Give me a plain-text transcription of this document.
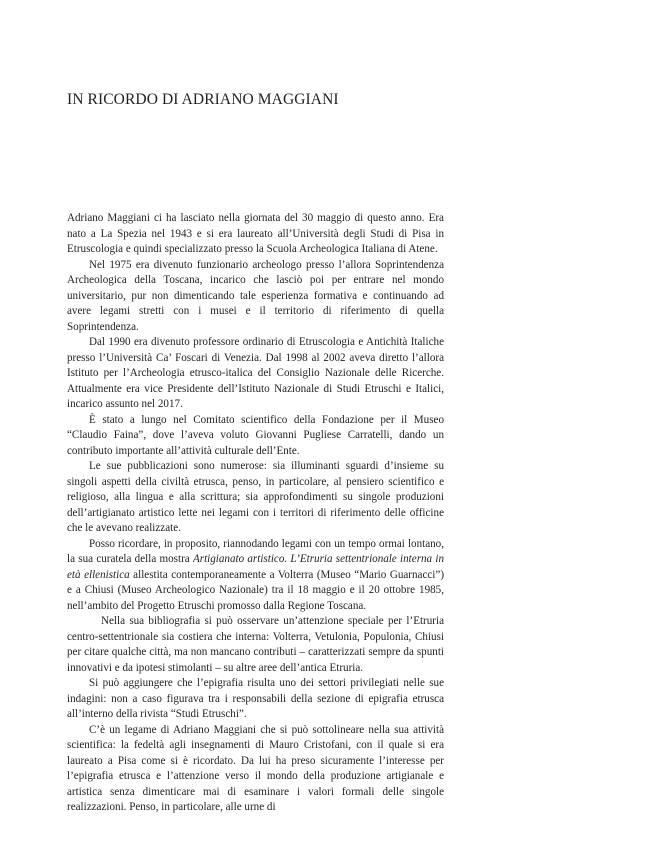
IN RICORDO DI ADRIANO MAGGIANI

Adriano Maggiani ci ha lasciato nella giornata del 30 maggio di questo anno. Era nato a La Spezia nel 1943 e si era laureato all’Università degli Studi di Pisa in Etruscologia e quindi specializzato presso la Scuola Archeologica Italiana di Atene.

Nel 1975 era divenuto funzionario archeologo presso l’allora Soprintendenza Archeologica della Toscana, incarico che lasciò poi per entrare nel mondo universitario, pur non dimenticando tale esperienza formativa e continuando ad avere legami stretti con i musei e il territorio di riferimento di quella Soprintendenza.

Dal 1990 era divenuto professore ordinario di Etruscologia e Antichità Italiche presso l’Università Ca’ Foscari di Venezia. Dal 1998 al 2002 aveva diretto l’allora Istituto per l’Archeologia etrusco-italica del Consiglio Nazionale delle Ricerche. Attualmente era vice Presidente dell’Istituto Nazionale di Studi Etruschi e Italici, incarico assunto nel 2017.

È stato a lungo nel Comitato scientifico della Fondazione per il Museo “Claudio Faina”, dove l’aveva voluto Giovanni Pugliese Carratelli, dando un contributo importante all’attività culturale dell’Ente.

Le sue pubblicazioni sono numerose: sia illuminanti sguardi d’insieme su singoli aspetti della civiltà etrusca, penso, in particolare, al pensiero scientifico e religioso, alla lingua e alla scrittura; sia approfondimenti su singole produzioni dell’artigianato artistico lette nei legami con i territori di riferimento delle officine che le avevano realizzate.

Posso ricordare, in proposito, riannodando legami con un tempo ormai lontano, la sua curatela della mostra Artigianato artistico. L’Etruria settentrionale interna in età ellenistica allestita contemporaneamente a Volterra (Museo “Mario Guarnacci”) e a Chiusi (Museo Archeologico Nazionale) tra il 18 maggio e il 20 ottobre 1985, nell’ambito del Progetto Etruschi promosso dalla Regione Toscana.

Nella sua bibliografia si può osservare un’attenzione speciale per l’Etruria centro-settentrionale sia costiera che interna: Volterra, Vetulonia, Populonia, Chiusi per citare qualche città, ma non mancano contributi – caratterizzati sempre da spunti innovativi e da ipotesi stimolanti – su altre aree dell’antica Etruria.

Si può aggiungere che l’epigrafia risulta uno dei settori privilegiati nelle sue indagini: non a caso figurava tra i responsabili della sezione di epigrafia etrusca all’interno della rivista “Studi Etruschi”.

C’è un legame di Adriano Maggiani che si può sottolineare nella sua attività scientifica: la fedeltà agli insegnamenti di Mauro Cristofani, con il quale si era laureato a Pisa come si è ricordato. Da lui ha preso sicuramente l’interesse per l’epigrafia etrusca e l’attenzione verso il mondo della produzione artigianale e artistica senza dimenticare mai di esaminare i valori formali delle singole realizzazioni. Penso, in particolare, alle urne di
